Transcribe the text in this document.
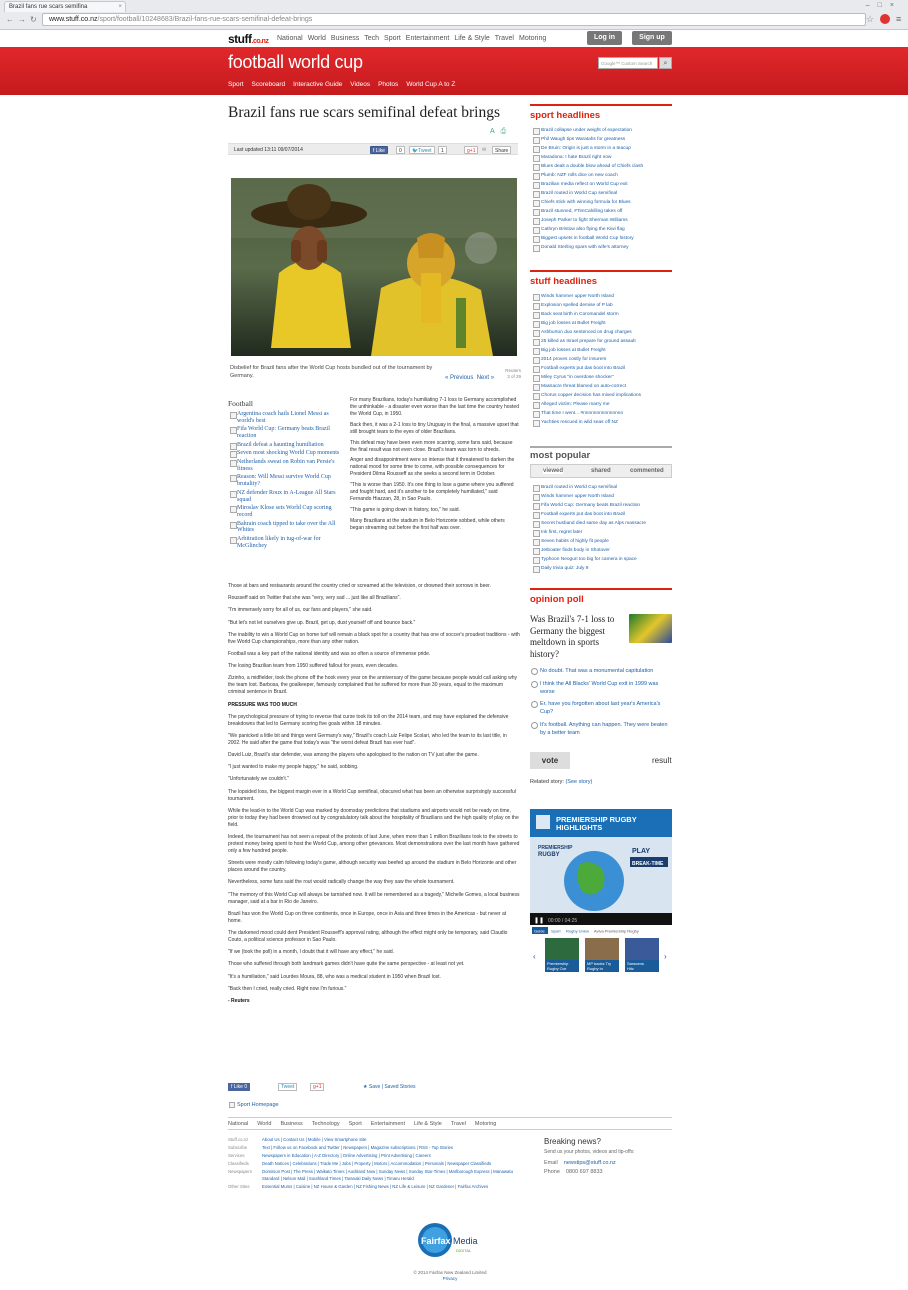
Brazil fans rue scars semifina	×	–□×
←→↻	www.stuff.co.nz/sport/football/10248683/Brazil-fans-rue-scars-semifinal-defeat-brings	☆ ≡
stuff.co.nz National World Business Tech Sport Entertainment Life & Style Travel Motoring	Log in	Sign up
football world cup
Sport Scoreboard Interactive Guide Videos Photos World Cup A to Z
Google™ Custom Search	⌕
Brazil fans rue scars semifinal defeat brings
A⎙
Last updated 13:11 09/07/2014	f Like	0	🐦Tweet	1	g+1	✉	Share
Disbelief for Brazil fans after the World Cup hosts bundled out of the tournament by Germany.
Reuters
3 of 29
« Previous Next »
Football
Argentina coach hails Lionel Messi as world's best
Fifa World Cup: Germany beats Brazil reaction
Brazil defeat a haunting humiliation
Seven most shocking World Cup moments
Netherlands sweat on Robin van Persie's fitness
Reason: Will Messi survive World Cup brutality?
NZ defender Roux in A-League All Stars squad
Miroslav Klose sets World Cup scoring record
Bahrain coach tipped to take over the All Whites
Arbitration likely in tug-of-war for McGlinchey

For many Brazilians, today's humiliating 7-1 loss to Germany accomplished the unthinkable - a disaster even worse than the last time the country hosted the World Cup, in 1950.

Back then, it was a 2-1 loss to tiny Uruguay in the final, a massive upset that still brought tears to the eyes of older Brazilians.

This defeat may have been even more scarring, some fans said, because the final result was not even close. Brazil's team was torn to shreds.

Anger and disappointment were so intense that it threatened to darken the national mood for some time to come, with possible consequences for President Dilma Rousseff as she seeks a second term in October.

"This is worse than 1950. It's one thing to lose a game where you suffered and fought hard, and it's another to be completely humiliated," said Fernando Hiazzan, 28, in Sao Paulo.

"This game is going down in history, too," he said.

Many Brazilians at the stadium in Belo Horizonte sobbed, while others began streaming out before the first half was over.

Those at bars and restaurants around the country cried or screamed at the television, or drowned their sorrows in beer.

Rousseff said on Twitter that she was "very, very sad ... just like all Brazilians".

"I'm immensely sorry for all of us, our fans and players," she said.

"But let's not let ourselves give up. Brazil, get up, dust yourself off and bounce back."

The inability to win a World Cup on home turf will remain a black spot for a country that has one of soccer's proudest traditions - with five World Cup championships, more than any other nation.

Football was a key part of the national identity and was so often a source of immense pride.

The losing Brazilian team from 1950 suffered fallout for years, even decades.

Zizinho, a midfielder, took the phone off the hook every year on the anniversary of the game because people would call asking why the team lost. Barbosa, the goalkeeper, famously complained that he suffered for more than 30 years, equal to the maximum criminal sentence in Brazil.

PRESSURE WAS TOO MUCH

The psychological pressure of trying to reverse that curse took its toll on the 2014 team, and may have explained the defensive breakdowns that led to Germany scoring five goals within 18 minutes.

"We panicked a little bit and things went Germany's way," Brazil's coach Luiz Felipe Scolari, who led the team to its last title, in 2002. He said after the game that today's was "the worst defeat Brazil has ever had".

David Luiz, Brazil's star defender, was among the players who apologised to the nation on TV just after the game.

"I just wanted to make my people happy," he said, sobbing.

"Unfortunately we couldn't."

The lopsided loss, the biggest margin ever in a World Cup semifinal, obscured what has been an otherwise surprisingly successful tournament.

While the lead-in to the World Cup was marked by doomsday predictions that stadiums and airports would not be ready on time, prior to today they had been drowned out by congratulatory talk about the hospitality of Brazilians and the high quality of play on the field.

Indeed, the tournament has not seen a repeat of the protests of last June, when more than 1 million Brazilians took to the streets to protest money being spent to host the World Cup, among other grievances. Most demonstrations over the last month have gathered only a few hundred people.

Streets were mostly calm following today's game, although security was beefed up around the stadium in Belo Horizonte and other places around the country.

Nevertheless, some fans said the rout would radically change the way they saw the whole tournament.

"The memory of this World Cup will always be tarnished now. It will be remembered as a tragedy," Michelle Gomes, a local business manager, said at a bar in Rio de Janeiro.

Brazil has won the World Cup on three continents, once in Europe, once in Asia and three times in the Americas - but never at home.

The darkened mood could dent President Rousseff's approval rating, although the effect might only be temporary, said Claudio Couto, a political science professor in Sao Paulo.

"If we (took the poll) in a month, I doubt that it will have any effect," he said.

Those who suffered through both landmark games didn't have quite the same perspective - at least not yet.

"It's a humiliation," said Lourdes Moura, 88, who was a medical student in 1950 when Brazil lost.

"Back then I cried, really cried. Right now I'm furious."

- Reuters

f Like 0	Tweet	g+1	★ Save | Saved Stories
Sport Homepage
sport headlines
Brazil collapse under weight of expectation
Phil Waugh tips Waratahs for greatness
De Bruin: Origin is just a storm in a teacup
Maradona: I hate Brazil right now
Blues dealt a double blow ahead of Chiefs clash
Plumb: NZF rolls dice on new coach
Brazilian media reflect on World Cup exit
Brazil routed in World Cup semifinal
Chiefs stick with winning formula for Blues
Brazil stunned, #TimCahilling takes off
Joseph Parker to fight Sherman Williams
Cathryn Bristow also flying the Kiwi flag
Biggest upsets in football World Cup history
Donald Sterling spars with wife's attorney
stuff headlines
Winds hammer upper North Island
Explosion spelled demise of P lab
Back seat birth in Coromandel storm
Big job losses at Bullet Freight
Ashburton duo sentenced on drug charges
25 killed as Israel prepare for ground assault
Big job losses at Bullet Freight
2014 proves costly for insurers
Football experts put das boot into Brazil
Miley Cyrus "in overdose shocker"
Massacre threat blamed on auto-correct
Chorus copper decision has mixed implications
Alleged victim: Please marry me
That time I went... #nnnnnnnnnnnnnnn
Yachties rescued in wild seas off NZ
most popular
viewed	shared	commented
Brazil routed in World Cup semifinal
Winds hammer upper North Island
Fifa World Cup: Germany beats Brazil reaction
Football experts put das boot into Brazil
Secret husband died same day as Alps massacre
Ink first, regret later
Seven habits of highly fit people
Jetboater finds body in Shotover
Typhoon Neoguri too big for camera in space
Daily trivia quiz: July 9
opinion poll
Was Brazil's 7-1 loss to Germany the biggest meltdown in sports history?
No doubt. That was a monumental capitulation
I think the All Blacks' World Cup exit in 1999 was worse
Er, have you forgotten about last year's America's Cup?
It's football. Anything can happen. They were beaten by a better team
vote	result
Related story: (See story)
PREMIERSHIP RUGBY
HIGHLIGHTS
PREMIERSHIP
RUGBY	PLAY
BREAK-TIME
❚❚ 00:00 / 04:25
Guide Sport Rugby Union Aviva Premiership Rugby
Premiership
Rugby Our
MP backs Try
Rugby in
Saracens
Hitz
‹	›
National World Business Technology Sport Entertainment Life & Style Travel Motoring
Stuff.co.nz	About Us | Contact Us | Mobile | View Smartphone Site
Subscribe	Text | Follow us on Facebook and Twitter | Newspapers | Magazine subscriptions | RSS - Top Stories
Services	Newspapers in Education | A-Z Directory | Online Advertising | Print Advertising | Careers
Classifieds	Death Notices | Celebrations | Trade Me | Jobs | Property | Motors | Accommodation | Personals | Newspaper Classifieds
Newspapers	Dominion Post | The Press | Waikato Times | Auckland Now | Sunday News | Sunday Star-Times | Marlborough Express | Manawatu Standard | Nelson Mail | Southland Times | Taranaki Daily News | Timaru Herald
Other Sites	Essential Mums | Cuisine | NZ House & Garden | NZ Fishing News | NZ Life & Leisure | NZ Gardener | Fairfax Archives
Breaking news?
Send us your photos, videos and tip-offs:
Email newstips@stuff.co.nz
Phone 0800 697 8833
Fairfax Media
DIGITAL
© 2014 Fairfax New Zealand Limited
Privacy
